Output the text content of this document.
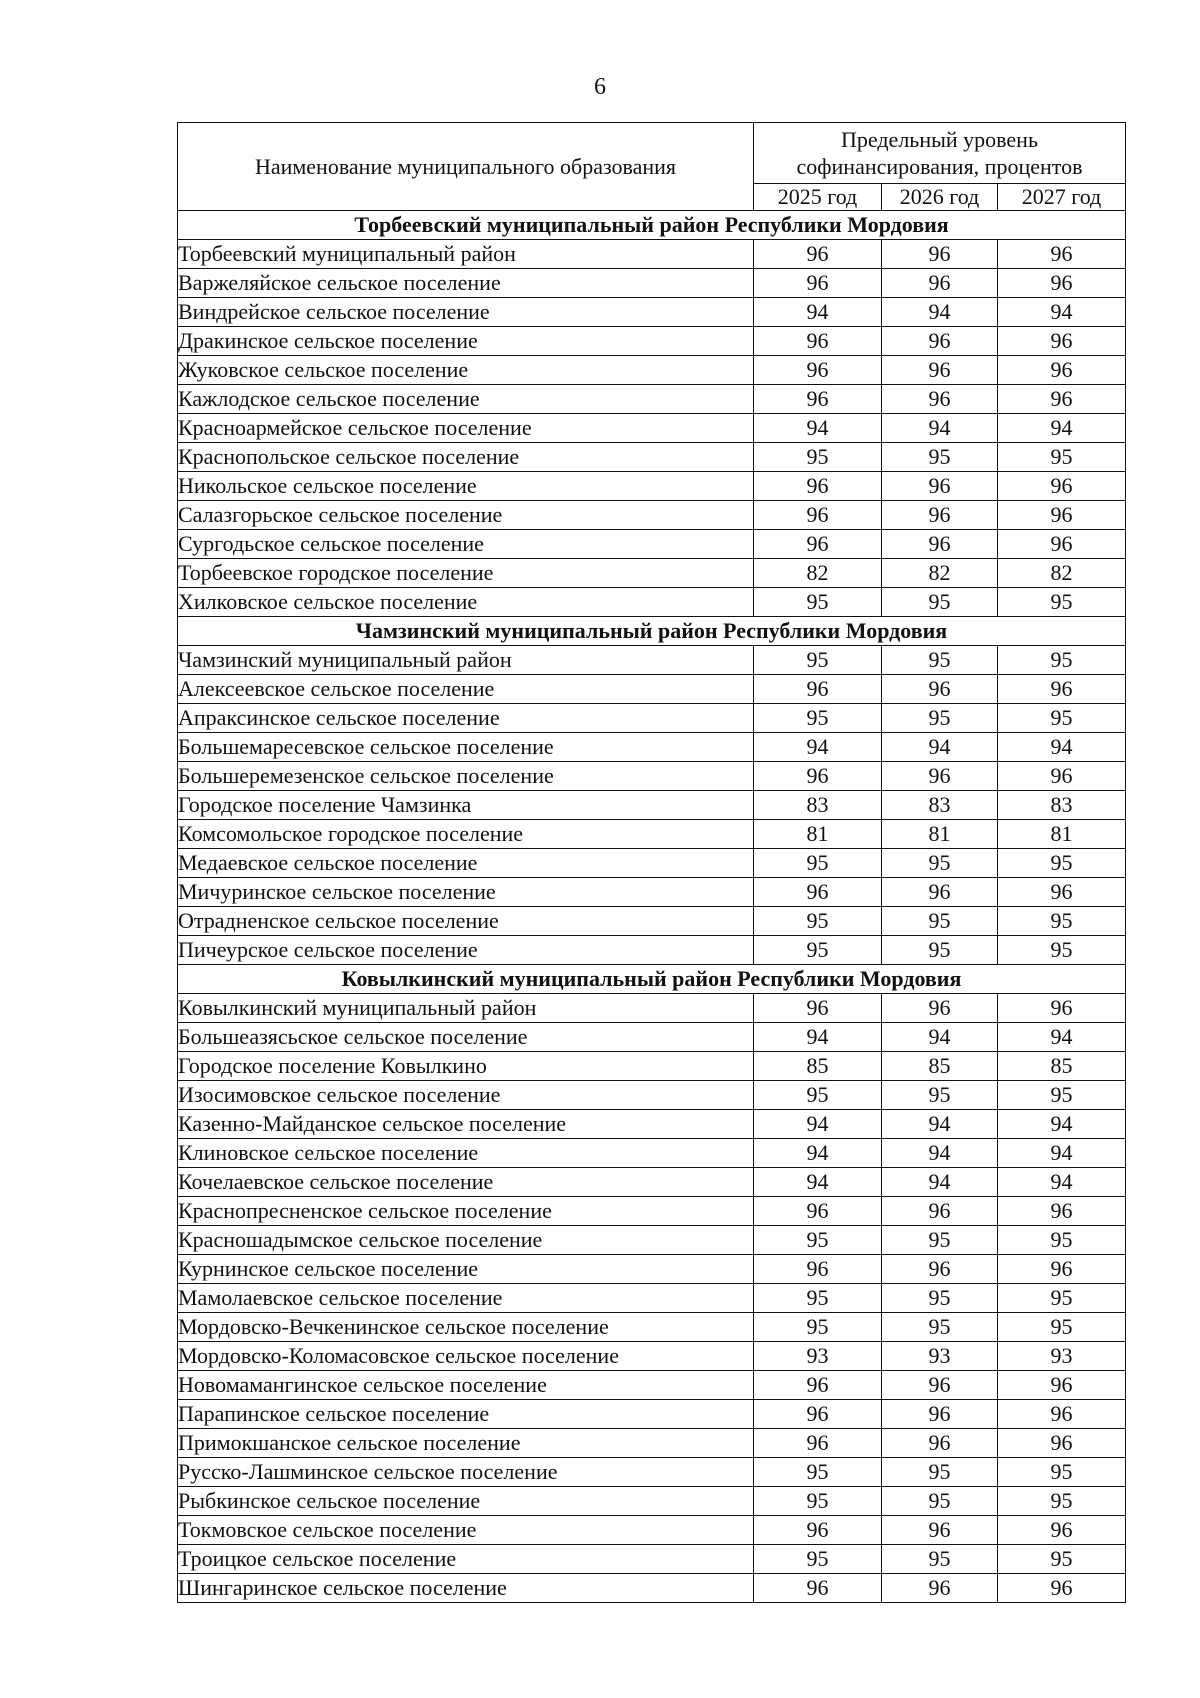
6
Наименование муниципального образования	Предельный уровень софинансирования, процентов		
	2025 год	2026 год	2027 год
Торбеевский муниципальный район Республики Мордовия			
Торбеевский муниципальный район	96	96	96
Варжеляйское сельское поселение	96	96	96
Виндрейское сельское поселение	94	94	94
Дракинское сельское поселение	96	96	96
Жуковское сельское поселение	96	96	96
Кажлодское сельское поселение	96	96	96
Красноармейское сельское поселение	94	94	94
Краснопольское сельское поселение	95	95	95
Никольское сельское поселение	96	96	96
Салазгорьское сельское поселение	96	96	96
Сургодьское сельское поселение	96	96	96
Торбеевское городское поселение	82	82	82
Хилковское сельское поселение	95	95	95
Чамзинский муниципальный район Республики Мордовия			
Чамзинский муниципальный район	95	95	95
Алексеевское сельское поселение	96	96	96
Апраксинское сельское поселение	95	95	95
Большемаресевское сельское поселение	94	94	94
Большеремезенское сельское поселение	96	96	96
Городское поселение Чамзинка	83	83	83
Комсомольское городское поселение	81	81	81
Медаевское сельское поселение	95	95	95
Мичуринское сельское поселение	96	96	96
Отрадненское сельское поселение	95	95	95
Пичеурское сельское поселение	95	95	95
Ковылкинский муниципальный район Республики Мордовия			
Ковылкинский муниципальный район	96	96	96
Большеазясьское сельское поселение	94	94	94
Городское поселение Ковылкино	85	85	85
Изосимовское сельское поселение	95	95	95
Казенно-Майданское сельское поселение	94	94	94
Клиновское сельское поселение	94	94	94
Кочелаевское сельское поселение	94	94	94
Краснопресненское сельское поселение	96	96	96
Красношадымское сельское поселение	95	95	95
Курнинское сельское поселение	96	96	96
Мамолаевское сельское поселение	95	95	95
Мордовско-Вечкенинское сельское поселение	95	95	95
Мордовско-Коломасовское сельское поселение	93	93	93
Новомамангинское сельское поселение	96	96	96
Парапинское сельское поселение	96	96	96
Примокшанское сельское поселение	96	96	96
Русско-Лашминское сельское поселение	95	95	95
Рыбкинское сельское поселение	95	95	95
Токмовское сельское поселение	96	96	96
Троицкое сельское поселение	95	95	95
Шингаринское сельское поселение	96	96	96
